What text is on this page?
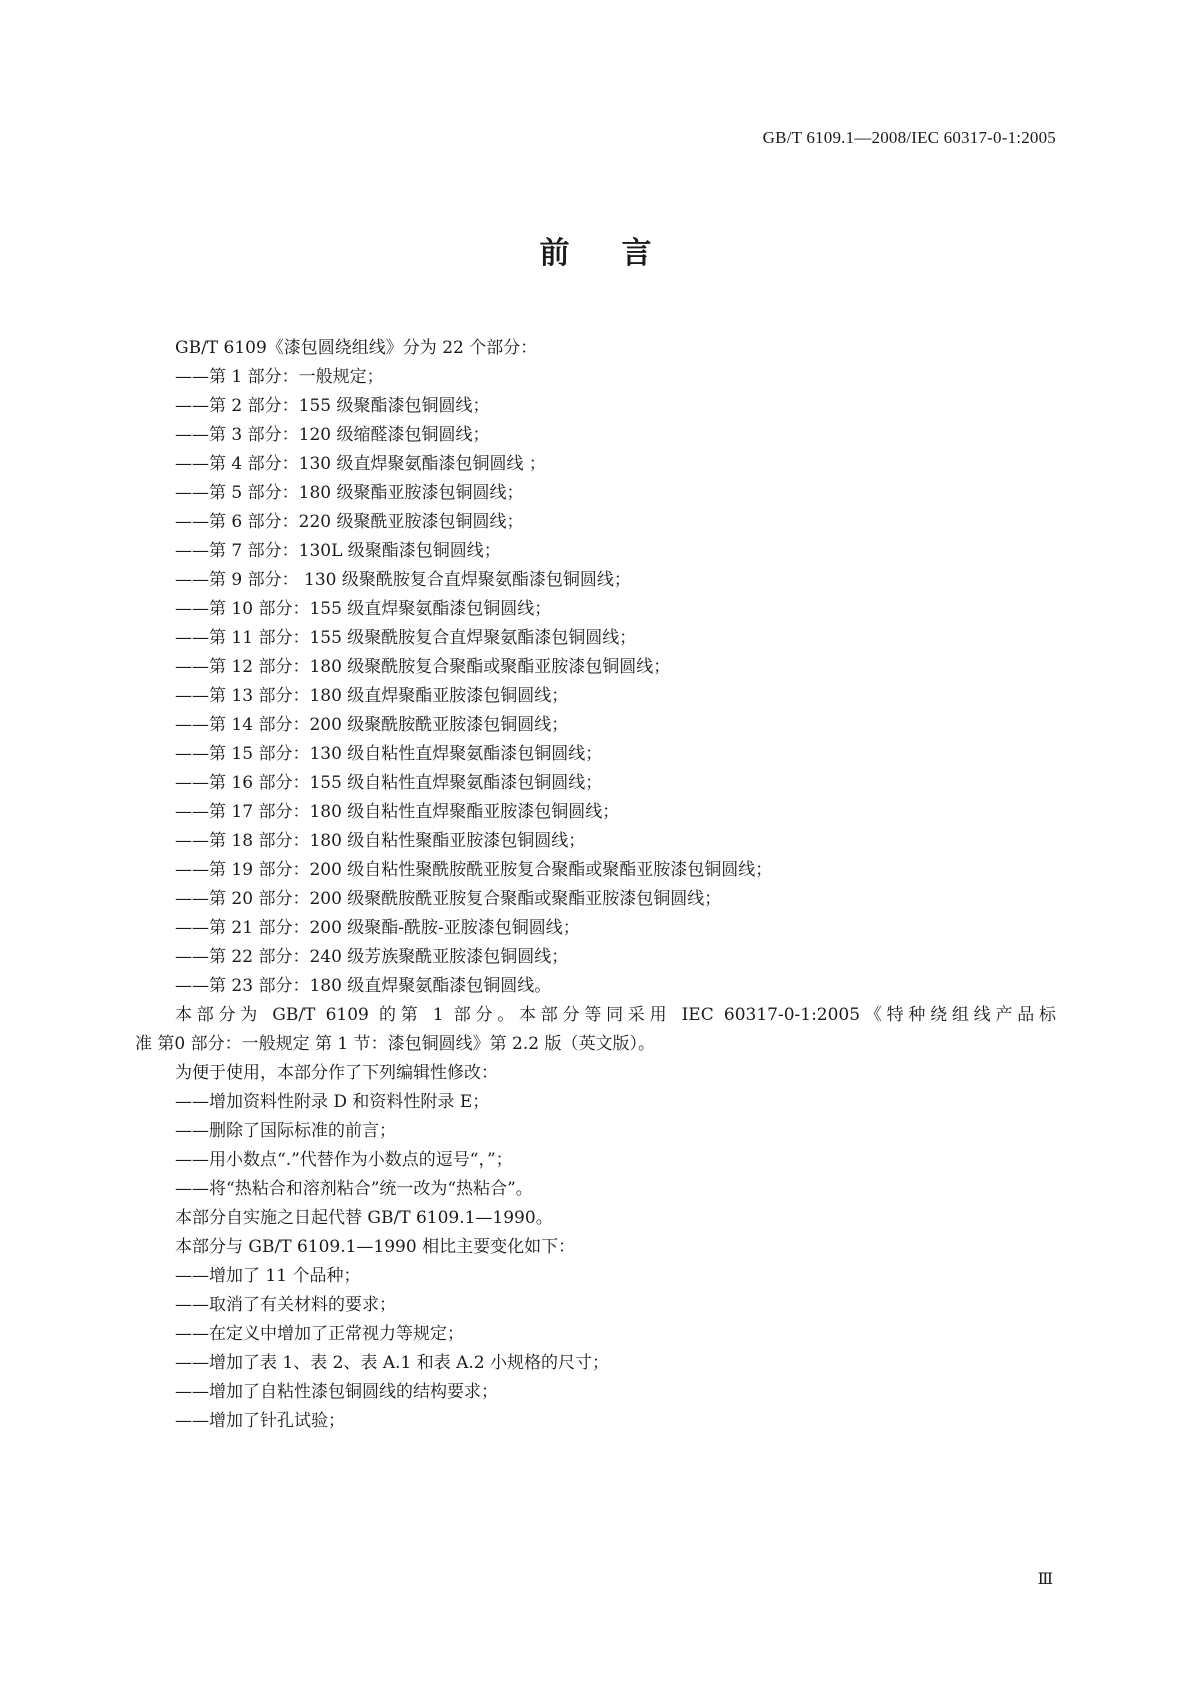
GB/T 6109.1—2008/IEC 60317-0-1:2005
前言
GB/T 6109《漆包圆绕组线》分为 22 个部分：
——第 1 部分：一般规定；
——第 2 部分：155 级聚酯漆包铜圆线；
——第 3 部分：120 级缩醛漆包铜圆线；
——第 4 部分：130 级直焊聚氨酯漆包铜圆线 ；
——第 5 部分：180 级聚酯亚胺漆包铜圆线；
——第 6 部分：220 级聚酰亚胺漆包铜圆线；
——第 7 部分：130L 级聚酯漆包铜圆线；
——第 9 部分： 130 级聚酰胺复合直焊聚氨酯漆包铜圆线；
——第 10 部分：155 级直焊聚氨酯漆包铜圆线；
——第 11 部分：155 级聚酰胺复合直焊聚氨酯漆包铜圆线；
——第 12 部分：180 级聚酰胺复合聚酯或聚酯亚胺漆包铜圆线；
——第 13 部分：180 级直焊聚酯亚胺漆包铜圆线；
——第 14 部分：200 级聚酰胺酰亚胺漆包铜圆线；
——第 15 部分：130 级自粘性直焊聚氨酯漆包铜圆线；
——第 16 部分：155 级自粘性直焊聚氨酯漆包铜圆线；
——第 17 部分：180 级自粘性直焊聚酯亚胺漆包铜圆线；
——第 18 部分：180 级自粘性聚酯亚胺漆包铜圆线；
——第 19 部分：200 级自粘性聚酰胺酰亚胺复合聚酯或聚酯亚胺漆包铜圆线；
——第 20 部分：200 级聚酰胺酰亚胺复合聚酯或聚酯亚胺漆包铜圆线；
——第 21 部分：200 级聚酯-酰胺-亚胺漆包铜圆线；
——第 22 部分：240 级芳族聚酰亚胺漆包铜圆线；
——第 23 部分：180 级直焊聚氨酯漆包铜圆线。
本部分为 GB/T 6109 的第 1 部分。本部分等同采用 IEC 60317-0-1:2005《特种绕组线产品标
准 第0 部分：一般规定 第 1 节：漆包铜圆线》第 2.2 版（英文版）。
为便于使用，本部分作了下列编辑性修改：
——增加资料性附录 D 和资料性附录 E；
——删除了国际标准的前言；
——用小数点“.”代替作为小数点的逗号“，”；
——将“热粘合和溶剂粘合”统一改为“热粘合”。
本部分自实施之日起代替 GB/T 6109.1—1990。
本部分与 GB/T 6109.1—1990 相比主要变化如下：
——增加了 11 个品种；
——取消了有关材料的要求；
——在定义中增加了正常视力等规定；
——增加了表 1、表 2、表 A.1 和表 A.2 小规格的尺寸；
——增加了自粘性漆包铜圆线的结构要求；
——增加了针孔试验；
Ⅲ
